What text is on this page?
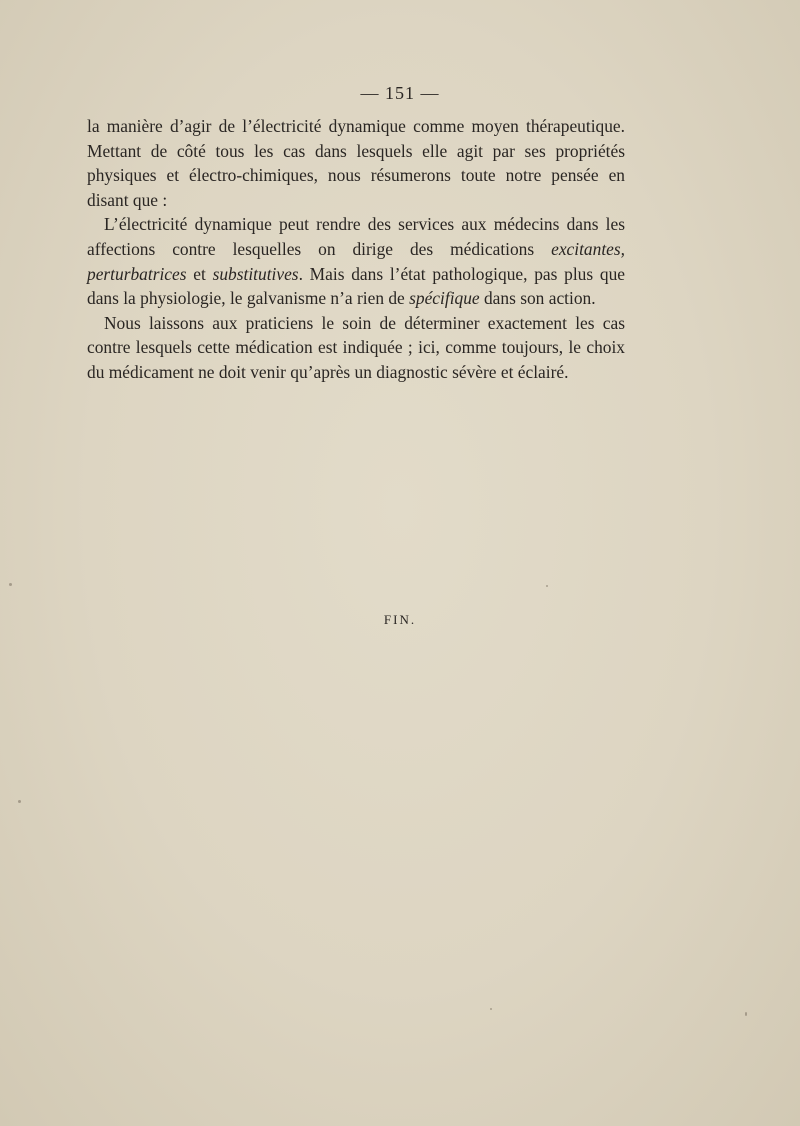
— 151 —

la manière d’agir de l’électricité dynamique comme moyen thérapeutique. Mettant de côté tous les cas dans lesquels elle agit par ses propriétés physiques et électro-chimiques, nous résumerons toute notre pensée en disant que :

L’électricité dynamique peut rendre des services aux médecins dans les affections contre lesquelles on dirige des médications excitantes, perturbatrices et substitutives. Mais dans l’état pathologique, pas plus que dans la physiologie, le galvanisme n’a rien de spécifique dans son action.

Nous laissons aux praticiens le soin de déterminer exactement les cas contre lesquels cette médication est indiquée ; ici, comme toujours, le choix du médicament ne doit venir qu’après un diagnostic sévère et éclairé.

FIN.
